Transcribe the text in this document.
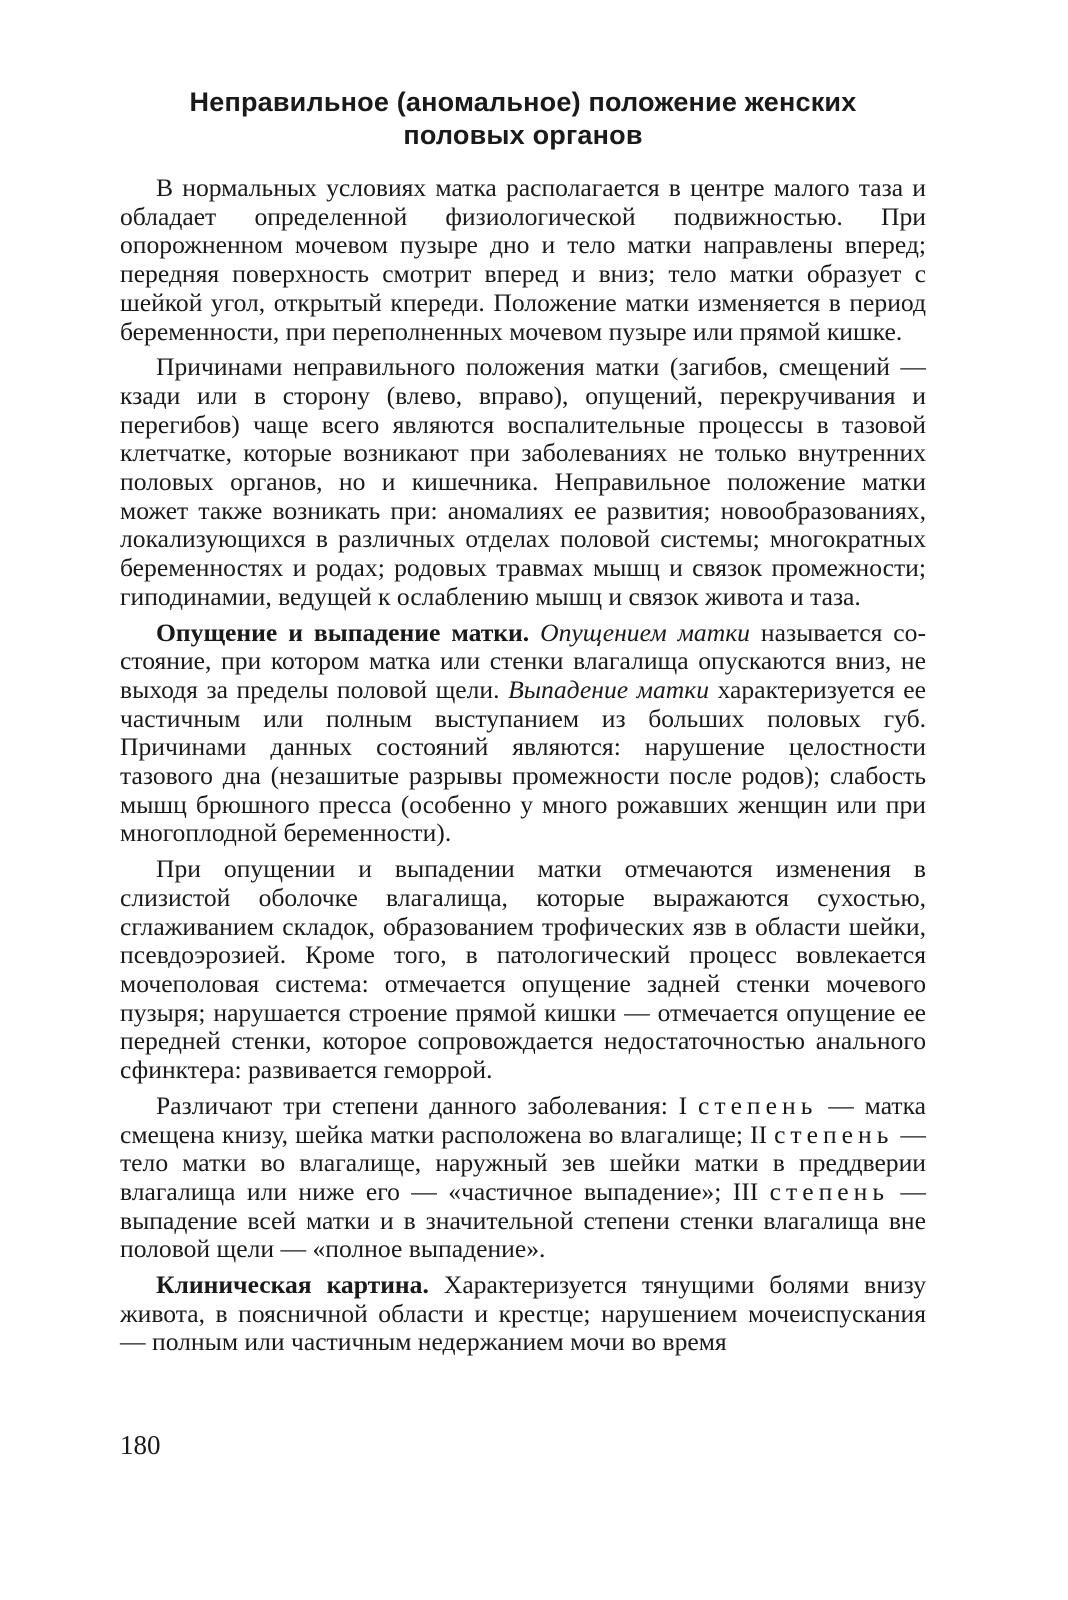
Неправильное (аномальное) положение женских
половых органов

В нормальных условиях матка располагается в центре малого таза и обладает определенной физиологической подвижностью. При опорожненном мочевом пузыре дно и тело матки направлены вперед; передняя поверхность смотрит вперед и вниз; тело матки образует с шейкой угол, открытый кпереди. Положение матки изменяется в период беременности, при переполненных мочевом пузыре или прямой кишке.

Причинами неправильного положения матки (загибов, смещений — кзади или в сторону (влево, вправо), опущений, перекручивания и перегибов) чаще всего являются воспалительные процессы в тазовой клетчатке, которые возникают при заболеваниях не только внутренних половых органов, но и кишечника. Неправильное положение матки может также возникать при: аномалиях ее развития; новообразованиях, локализующихся в различных отделах половой системы; многократных беременностях и родах; родовых травмах мышц и связок промежности; гиподинамии, ведущей к ослаблению мышц и связок живота и таза.

Опущение и выпадение матки. Опущением матки называется состояние, при котором матка или стенки влагалища опускаются вниз, не выходя за пределы половой щели. Выпадение матки характеризуется ее частичным или полным выступанием из больших половых губ. Причинами данных состояний являются: нарушение целостности тазового дна (незашитые разрывы промежности после родов); слабость мышц брюшного пресса (особенно у много рожавших женщин или при многоплодной беременности).

При опущении и выпадении матки отмечаются изменения в слизистой оболочке влагалища, которые выражаются сухостью, сглаживанием складок, образованием трофических язв в области шейки, псевдоэрозией. Кроме того, в патологический процесс вовлекается мочеполовая система: отмечается опущение задней стенки мочевого пузыря; нарушается строение прямой кишки — отмечается опущение ее передней стенки, которое сопровождается недостаточностью анального сфинктера: развивается геморрой.

Различают три степени данного заболевания: I степень — матка смещена книзу, шейка матки расположена во влагалище; II степень — тело матки во влагалище, наружный зев шейки матки в преддверии влагалища или ниже его — «частичное выпадение»; III степень — выпадение всей матки и в значительной степени стенки влагалища вне половой щели — «полное выпадение».

Клиническая картина. Характеризуется тянущими болями внизу живота, в поясничной области и крестце; нарушением мочеиспускания — полным или частичным недержанием мочи во время

180
